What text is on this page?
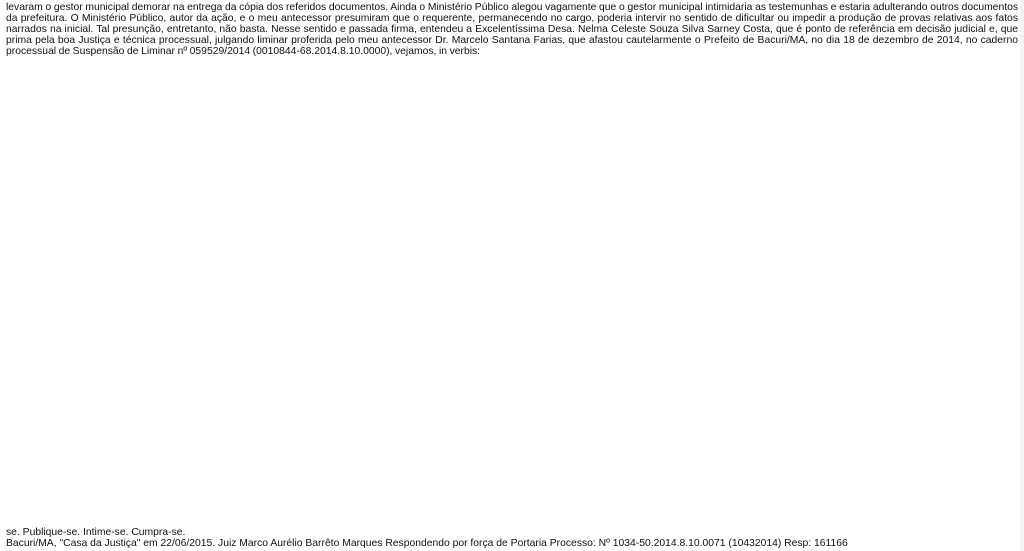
levaram o gestor municipal demorar na entrega da cópia dos referidos documentos. Ainda o Ministério Público alegou vagamente que o gestor municipal intimidaria as testemunhas e estaria adulterando outros documentos da prefeitura. O Ministério Público, autor da ação, e o meu antecessor presumiram que o requerente, permanecendo no cargo, poderia intervir no sentido de dificultar ou impedir a produção de provas relativas aos fatos narrados na inicial. Tal presunção, entretanto, não basta. Nesse sentido e passada firma, entendeu a Excelentíssima Desa. Nelma Celeste Souza Silva Sarney Costa, que é ponto de referência em decisão judicial e, que prima pela boa Justiça e técnica processual, julgando liminar proferida pelo meu antecessor Dr. Marcelo Santana Farias, que afastou cautelarmente o Prefeito de Bacuri/MA, no dia 18 de dezembro de 2014, no caderno processual de Suspensão de Liminar nº 059529/2014 (0010844-68.2014.8.10.0000), vejamos, in verbis:

se. Publique-se. Intime-se. Cumpra-se.
Bacuri/MA, "Casa da Justiça" em 22/06/2015. Juiz Marco Aurélio Barrêto Marques Respondendo por força de Portaria Processo: Nº 1034-50.2014.8.10.0071 (10432014) Resp: 161166
